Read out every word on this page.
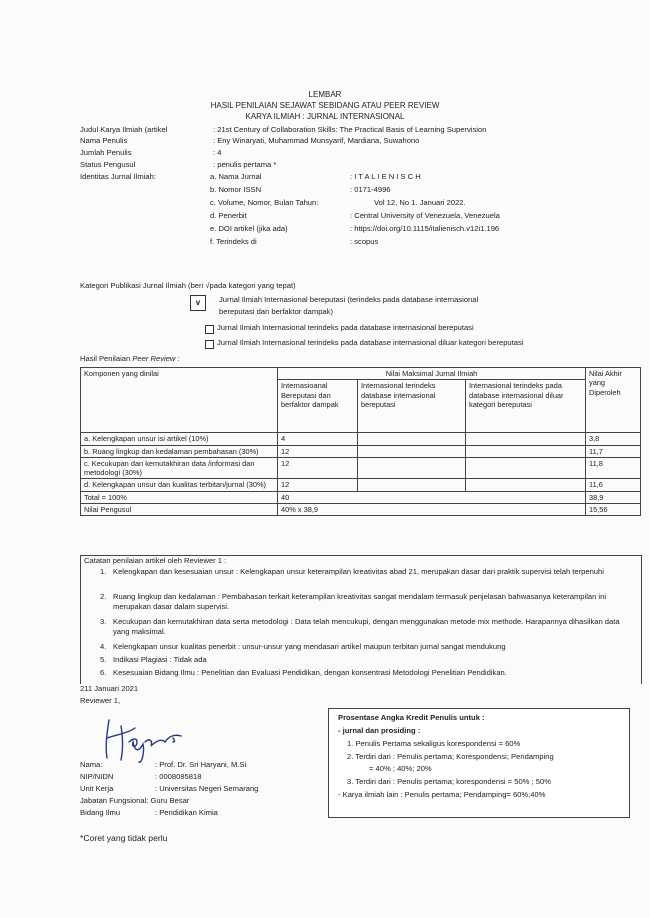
LEMBAR
HASIL PENILAIAN SEJAWAT SEBIDANG ATAU PEER REVIEW
KARYA ILMIAH : JURNAL INTERNASIONAL
Judul Karya Ilmiah (artikel	: 21st Century of Collaboration Skills: The Practical Basis of Learning Supervision
Nama Penulis	: Eny Winaryati, Muhammad Munsyarif, Mardiana, Suwahono
Jumlah Penulis	: 4
Status Pengusul	: penulis pertama *
Identitas Jurnal Ilmiah:	a. Nama Jurnal	: I T A L I E N I S C H
b. Nomor ISSN	: 0171-4996
c. Volume, Nomor, Bulan Tahun:	Vol 12, No 1. Januari 2022.
d. Penerbit	: Central University of Venezuela, Venezuela
e. DOI artikel (jika ada)	: https://doi.org/10.1115/italienisch.v12i1.196
f. Terindeks di	: scopus
Kategori Publikasi Jurnal Ilmiah (beri √pada kategori yang tepat)
v	Jurnal Ilmiah Internasional bereputasi (terindeks pada database internasional
bereputasi dan berfaktor dampak)
Jurnal Ilmiah Internasional terindeks pada database internasional bereputasi
Jurnal Ilmiah Internasional terindeks pada database internasional diluar kategori bereputasi
Hasil Penilaian Peer Review :
Komponen yang dinilai	Nilai Maksimal Jurnal Ilmiah			Nilai Akhir yang Diperoleh
	Internasioanal Bereputasi dan berfaktor dampak	Internasional terindeks database internasional bereputasi	Internasional terindeks pada database internasional diluar kategori bereputasi	
a. Kelengkapan unsur isi artikel (10%)	4			3,8
b. Ruang lingkup dan kedalaman pembahasan (30%)	12			11,7
c. Kecukupan dan kemutakhiran data /informasi dan metodologi (30%)	12			11,8
d. Kelengkapan unsur dan kualitas terbitan/jurnal (30%)	12			11,6
Total = 100%	40			38,9
Nilai Pengusul	40% x 38,9			15,56
Catatan penilaian artikel oleh Reviewer 1 :
1. Kelengkapan dan kesesuaian unsur : Kelengkapan unsur keterampilan kreativitas abad 21, merupakan dasar dari praktik supervisi telah terpenuhi
2. Ruang lingkup dan kedalaman : Pembahasan terkait keterampilan kreativitas sangat mendalam termasuk penjelasan bahwasanya keterampilan ini merupakan dasar dalam supervisi.
3. Kecukupan dan kemutakhiran data serta metodologi : Data telah mencukupi, dengan menggunakan metode mix methode. Harapannya dihasilkan data yang maksimal.
4. Kelengkapan unsur kualitas penerbit : unsur-unsur yang mendasari artikel maupun terbitan jurnal sangat mendukung
5. Indikasi Plagiasi : Tidak ada
6. Kesesuaian Bidang Ilmu : Penelitian dan Evaluasi Pendidikan, dengan konsentrasi Metodologi Penelitian Pendidikan.
211 Januari 2021
Reviewer 1,
Nama:	: Prof. Dr. Sri Haryani, M.Si
NIP/NIDN	: 0008085818
Unit Kerja	: Universitas Negeri Semarang
Jabatan Fungsional: Guru Besar
Bidang Ilmu	: Pendidikan Kimia
Prosentase Angka Kredit Penulis untuk :
- jurnal dan prosiding :
1. Penulis Pertama sekaligus korespondensi = 60%
2. Terdiri dari : Penulis pertama; Korespondensi; Pendamping
= 40% ; 40%; 20%
3. Terdiri dari : Penulis pertama; korespondensi = 50% ; 50%
- Karya ilmiah lain : Penulis pertama; Pendamping= 60%;40%
*Coret yang tidak perlu
